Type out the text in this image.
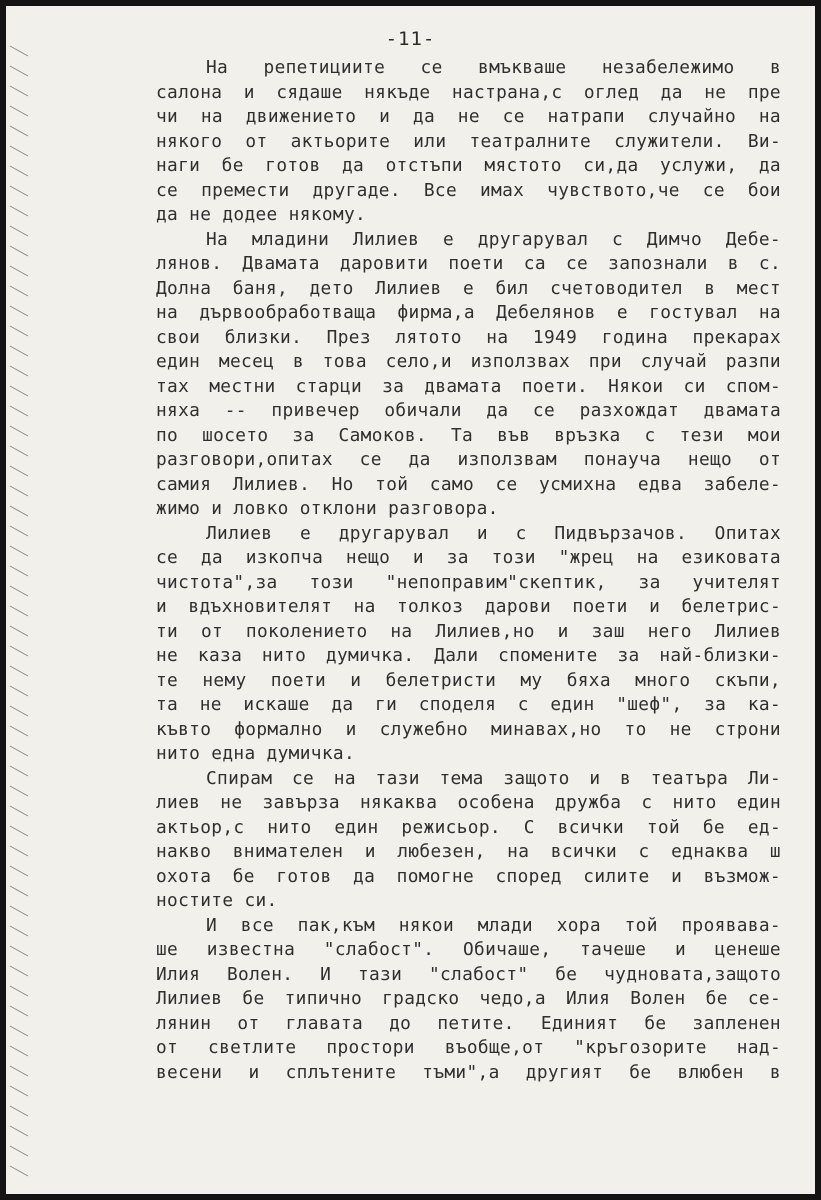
-11-
На репетициите се вмъкваше незабележимо в
салона и сядаше някъде настрана,с оглед да не пре
чи на движението и да не се натрапи случайно на
някого от актьорите или театралните служители. Ви-
наги бе готов да отстъпи мястото си,да услужи, да
се премести другаде. Все имах чувството,че се бои
да не додее някому.
На младини Лилиев е другарувал с Димчо Дебе-
лянов. Двамата даровити поети са се запознали в с.
Долна баня, дето Лилиев е бил счетоводител в мест
на дървообработваща фирма,а Дебелянов е гостувал на
свои близки. През лятото на 1949 година прекарах
един месец в това село,и използвах при случай разпи
тах местни старци за двамата поети. Някои си спом-
няха -- привечер обичали да се разхождат двамата
по шосето за Самоков. Та във връзка с тези мои
разговори,опитах се да използвам понауча нещо от
самия Лилиев. Но той само се усмихна едва забеле-
жимо и ловко отклони разговора.
Лилиев е другарувал и с Пидвързачов. Опитах
се да изкопча нещо и за този "жрец на езиковата
чистота",за този "непоправим"скептик, за учителят
и вдъхновителят на толкоз дарови поети и белетрис-
ти от поколението на Лилиев,но и заш него Лилиев
не каза нито думичка. Дали спомените за най-близки-
те нему поети и белетристи му бяха много скъпи,
та не искаше да ги споделя с един "шеф", за ка-
къвто формално и служебно минавах,но то не строни
нито една думичка.
Спирам се на тази тема защото и в театъра Ли-
лиев не завърза някаква особена дружба с нито един
актьор,с нито един режисьор. С всички той бе ед-
накво внимателен и любезен, на всички с еднаква ш
охота бе готов да помогне според силите и възмож-
ностите си.
И все пак,към някои млади хора той проявава-
ше известна "слабост". Обичаше, тачеше и ценеше
Илия Волен. И тази "слабост" бе чудновата,защото
Лилиев бе типично градско чедо,а Илия Волен бе се-
лянин от главата до петите. Единият бе запленен
от светлите простори въобще,от "кръгозорите над-
весени и сплътените тъми",а другият бе влюбен в
